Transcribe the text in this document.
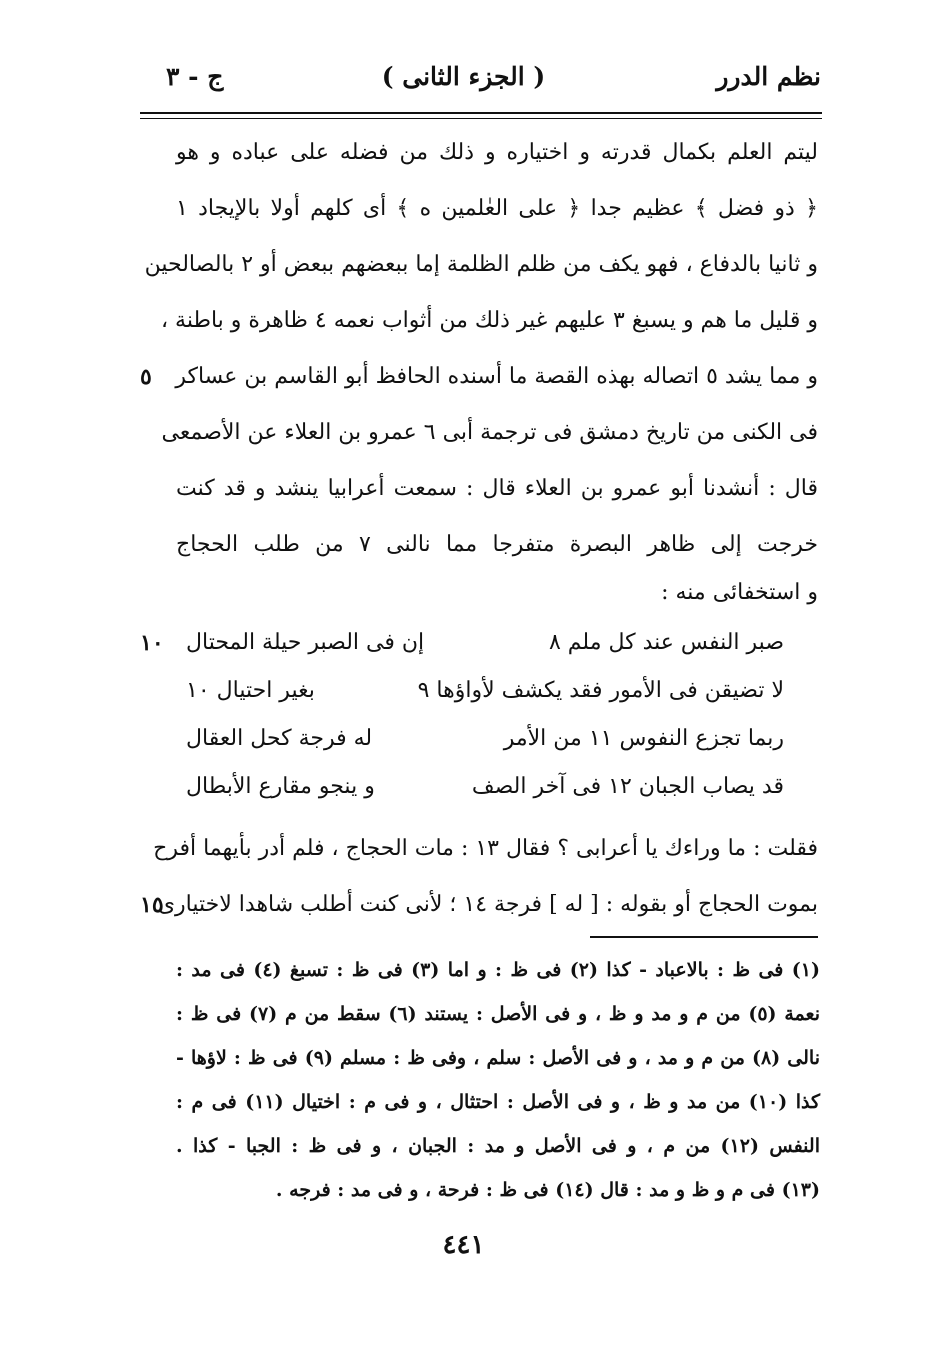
نظم الدرر
( الجزء الثانى )
ج - ٣
ليتم العلم بكمال قدرته و اختياره و ذلك من فضله على عباده و هو
﴿ ذو فضل ﴾ عظيم جدا ﴿ على العٰلمين ه ﴾ أى كلهم أولا بالإيجاد ١
و ثانيا بالدفاع ، فهو يكف من ظلم الظلمة إما ببعضهم ببعض أو ٢ بالصالحين
و قليل ما هم و يسبغ ٣ عليهم غير ذلك من أثواب نعمه ٤ ظاهرة و باطنة ،
و مما يشد ٥ اتصاله بهذه القصة ما أسنده الحافظ أبو القاسم بن عساكر
٥
فى الكنى من تاريخ دمشق فى ترجمة أبى ٦ عمرو بن العلاء عن الأصمعى
قال : أنشدنا أبو عمرو بن العلاء قال : سمعت أعرابيا ينشد و قد كنت
خرجت إلى ظاهر البصرة متفرجا مما نالنى ٧ من طلب الحجاج
و استخفائى منه :
صبر النفس عند كل ملم ٨
إن فى الصبر حيلة المحتال
١٠
لا تضيقن فى الأمور فقد يكشف لأواؤها ٩
بغير احتيال ١٠
ربما تجزع النفوس ١١ من الأمر
له فرجة كحل العقال
قد يصاب الجبان ١٢ فى آخر الصف
و ينجو مقارع الأبطال
فقلت : ما وراءك يا أعرابى ؟ فقال ١٣ : مات الحجاج ، فلم أدر بأيهما أفرح
بموت الحجاج أو بقوله : [ له ] فرجة ١٤ ؛ لأنى كنت أطلب شاهدا لاختيارى
١٥
(١) فى ظ : بالاعباد - كذا (٢) فى ظ : و اما (٣) فى ظ : تسبغ (٤) فى مد :
نعمة (٥) من م و مد و ظ ، و فى الأصل : يستند (٦) سقط من م (٧) فى ظ :
نالى (٨) من م و مد ، و فى الأصل : سلم ، وفى ظ : مسلم (٩) فى ظ : لاؤها -
كذا (١٠) من مد و ظ ، و فى الأصل : احتثال ، و فى م : اختيال (١١) فى م :
النفس (١٢) من م ، و فى الأصل و مد : الجبان ، و فى ظ : الجبا - كذا .
(١٣) فى م و ظ و مد : قال (١٤) فى ظ : فرحة ، و فى مد : فرجه .
٤٤١
